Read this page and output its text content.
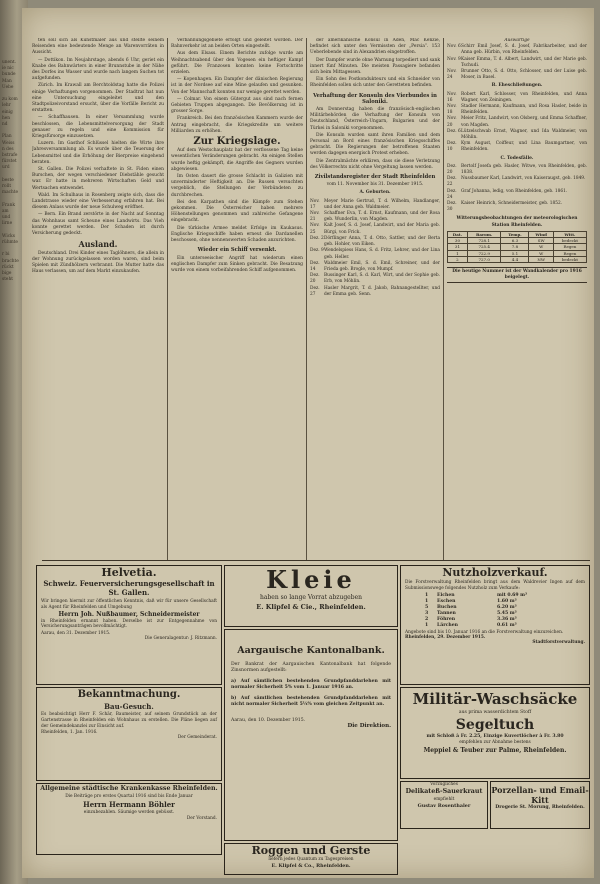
unent.
ie nic
bunde
Man
Uebe

zu kom
lehr
einig
hen
nd

Plan
Weiss
n des
bstrafe
fürstet
urd

beste
rollt
machte

Frank
am
und
lirne

Wicks
rühmte

r bi
brachte
rückt
bige
steht

ten soll sich als Kunstmaler aus und stellte seinem Reisenden eine bedeutende Menge an Warenvorräten in Aussicht.

— Dottikon. Im Neujahrstage, abends 6 Uhr, geriet ein Knabe des Bahnwärters in einer Brunnstube in der Nähe des Dorfes ins Wasser und wurde nach langem Suchen tot aufgefunden.

Zürich. Im Krawall am Berchtoldstag hatte die Polizei einige Verhaftungen vorgenommen. Der Stadtrat hat nun eine Untersuchung eingeleitet und den Stadtpolizeivorstand ersucht, über die Vorfälle Bericht zu erstatten.

— Schaffhausen. In einer Versammlung wurde beschlossen, die Lebensmittelversorgung der Stadt genauer zu regeln und eine Kommission für Kriegsfürsorge einzusetzen.

Luzern. Im Gasthof Schlüssel hielten die Wirte ihre Jahresversammlung ab. Es wurde über die Teuerung der Lebensmittel und die Erhöhung der Bierpreise eingehend beraten.

St. Gallen. Die Polizei verhaftete in St. Fiden einen Burschen, der wegen verschiedener Diebstähle gesucht war. Er hatte in mehreren Wirtschaften Geld und Wertsachen entwendet.

Wald. Im Schulhaus in Rosenberg zeigte sich, dass die Landstrasse wieder eine Verbesserung erfahren hat. Bei diesem Anlass wurde der neue Schulweg eröffnet.

— Bern. Ein Brand zerstörte in der Nacht auf Sonntag das Wohnhaus samt Scheune eines Landwirts. Das Vieh konnte gerettet werden. Der Schaden ist durch Versicherung gedeckt.

Ausland.

Deutschland. Drei Kinder eines Taglöhners, die allein in der Wohnung zurückgelassen worden waren, sind beim Spielen mit Zündhölzern verbrannt. Die Mutter hatte das Haus verlassen, um auf dem Markt einzukaufen.

Verbannungsgebiete erfolgt und geleitet worden. Der Bahnverkehr ist an beiden Orten eingestellt.

Aus dem Elsass. Einem Berichte zufolge wurde am Weihnachtsabend über den Vogesen ein heftiger Kampf geführt. Die Franzosen konnten keine Fortschritte erzielen.

— Kopenhagen. Ein Dampfer der dänischen Regierung ist in der Nordsee auf eine Mine gelaufen und gesunken. Von der Mannschaft konnten nur wenige gerettet werden.

— Colmar. Von einem Gütergut aus sind nach fernen Gebieten Truppen abgegangen. Die Bevölkerung ist in grosser Sorge.

Frankreich. Bei den französischen Kammern wurde der Antrag eingebracht, die Kriegskredite um weitere Milliarden zu erhöhen.

Zur Kriegslage.

Auf dem Westschauplatz hat der verflossene Tag keine wesentlichen Veränderungen gebracht. An einigen Stellen wurde heftig gekämpft, die Angriffe des Gegners wurden abgewiesen.

Im Osten dauert die grosse Schlacht in Galizien mit unverminderter Heftigkeit an. Die Russen versuchten vergeblich, die Stellungen der Verbündeten zu durchbrechen.

Bei den Karpathen sind die Kämpfe zum Stehen gekommen. Die Österreicher haben mehrere Höhenstellungen genommen und zahlreiche Gefangene eingebracht.

Die türkische Armee meldet Erfolge im Kaukasus. Englische Kriegsschiffe haben erneut die Dardanellen beschossen, ohne nennenswerten Schaden anzurichten.

Wieder ein Schiff versenkt.

Ein unterseeischer Angriff hat wiederum einen englischen Dampfer zum Sinken gebracht. Die Besatzung wurde von einem vorbeifahrenden Schiff aufgenommen.

der amerikanische Konsul in Aden, Mac Kenzie, befindet sich unter den Vermissten der „Persia“. 153 Ueberlebende sind in Alexandrien eingetroffen.

Der Dampfer wurde ohne Warnung torpediert und sank innert fünf Minuten. Die meisten Passagiere befanden sich beim Mittagessen.

Ein Sohn des Postkondukteurs und ein Schneider von Rheinfelden sollen sich unter den Geretteten befinden.

Verhaftung der Konsuln des Vierbundes in Saloniki.

Am Donnerstag haben die französisch-englischen Militärbehörden die Verhaftung der Konsuln von Deutschland, Österreich-Ungarn, Bulgarien und der Türkei in Saloniki vorgenommen.

Die Konsuln wurden samt ihren Familien und dem Personal an Bord eines französischen Kriegsschiffes gebracht. Die Regierungen der betroffenen Staaten werden dagegen energisch Protest erheben.

Die Zentralmächte erklären, dass sie diese Verletzung des Völkerrechts nicht ohne Vergeltung lassen werden.

Zivilstandsregister der Stadt Rheinfelden
vom 11. November bis 31. Dezember 1915.
A. Geburten.
Nov. 17
Meyer Marie Gertrud, T. d. Wilhelm, Handlanger, und der Anna geb. Waldmeier.
Nov. 21
Schaffner Eva, T. d. Ernst, Kaufmann, und der Rosa geb. Wunderlin, von Magden.
Nov. 25
Kalt Josef, S. d. Josef, Landwirt, und der Maria geb. Bürgi, von Frick.
Dez. 2 Dörflinger Anna, T. d. Otto, Sattler, und der Berta geb. Hohler, von Eiken.
Dez. 9 Wendelspiess Hans, S. d. Fritz, Lehrer, und der Lina geb. Heller.
Dez. 14
Waldmeier Emil, S. d. Emil, Schreiner, und der Frieda geb. Brogle, von Mumpf.
Dez. 20
Bussinger Karl, S. d. Karl, Wirt, und der Sophie geb. Erb, von Möhlin.
Dez. 27
Hasler Margrit, T. d. Jakob, Bahnangestellter, und der Emma geb. Senn.
Auswärtige
Nov. 6 Schirr Emil Josef, S. d. Josef, Fabrikarbeiter, und der Anna geb. Hürbin, von Rheinfelden.
Nov. 9 Kaiser Emma, T. d. Albert, Landwirt, und der Marie geb. Tschudi.
Nov. 24
Brunner Otto, S. d. Otto, Schlosser, und der Luise geb. Moser, in Basel.
B. Eheschließungen.
Nov. 16
Robert Karl, Schlosser, von Rheinfelden, und Anna Wagner, von Zeiningen.
Nov. 18
Stadler Hermann, Kaufmann, und Rosa Hasler, beide in Rheinfelden.
Nov. 20
Meier Fritz, Landwirt, von Olsberg, und Emma Schaffner, von Magden.
Dez. 6 Lützelschwab Ernst, Wagner, und Ida Waldmeier, von Möhlin.
Dez. 10
Kym August, Coiffeur, und Lina Baumgartner, von Rheinfelden.
C. Todesfälle.
Dez. 20
Bertolf Josefa geb. Hasler, Witwe, von Rheinfelden, geb. 1838.
Dez. 22
Nussbaumer Karl, Landwirt, von Kaiseraugst, geb. 1849.
Dez. 24
Graf Johanna, ledig, von Rheinfelden, geb. 1861.
Dez. 30
Kaiser Heinrich, Schneidermeister, geb. 1852.
Witterungsbeobachtungen der meteorologischen Station Rheinfelden.
Dat.	Barom.	Temp.	Wind	Witt.
30	728.1	6.3	SW	bedeckt
31	725.4	7.8	W	Regen
1	722.9	5.1	W	Regen
2	727.0	4.4	NW	bedeckt
Die heutige Nummer ist der Wandkalender pro 1916 beigelegt.
Helvetia.
Schweiz. Feuerversicherungsgesellschaft in St. Gallen.
Wir bringen hiermit zur öffentlichen Kenntnis, daß wir für unsere Gesellschaft als Agent für Rheinfelden und Umgebung
Herrn Joh. Nußbaumer, Schneidermeister
in Rheinfelden ernannt haben. Derselbe ist zur Entgegennahme von Versicherungsanträgen bevollmächtigt.
Aarau, den 31. Dezember 1915.
Die Generalagentur: J. Ritzmann.
Bekanntmachung.
Bau-Gesuch.
Es beabsichtigt Herr F. Schär, Baumeister, auf seinem Grundstück an der Gartenstrasse in Rheinfelden ein Wohnhaus zu erstellen. Die Pläne liegen auf der Gemeindekanzlei zur Einsicht auf.
Rheinfelden, 1. Jan. 1916.
Der Gemeinderat.
Allgemeine städtische Krankenkasse Rheinfelden.
Die Beiträge pro erstes Quartal 1916 sind bis Ende Januar
Herrn Hermann Böhler
einzubezahlen. Säumige werden gebüsst.
Der Vorstand.
Kleie
haben so lange Vorrat abzugeben
E. Klipfel & Cie., Rheinfelden.
Aargauische Kantonalbank.
Der Bankrat der Aargauischen Kantonalbank hat folgende Zinsnormen aufgestellt:
a) Auf sämtlichen bestehenden Grundpfanddarlehen mit normaler Sicherheit 5% vom 1. Januar 1916 an.
b) Auf sämtlichen bestehenden Grundpfanddarlehen mit nicht normaler Sicherheit 5¼% vom gleichen Zeitpunkt an.
Aarau, den 10. Dezember 1915.
Die Direktion.
Roggen und Gerste
liefern jedes Quantum zu Tagespreisen
E. Klipfel & Co., Rheinfelden.
Nutzholzverkauf.
Die Forstverwaltung Rheinfelden bringt aus dem Waldrevier Ingen auf dem Submissionswege folgendes Nutzholz zum Verkaufe:
1	Eichen	mit 0.69 m³
1	Eschen	1.60 m³
5	Buchen	6.20 m³
3	Tannen	5.45 m³
2	Föhren	3.36 m³
1	Lärchen	0.61 m³
Angebote sind bis 10. Januar 1916 an die Forstverwaltung einzureichen.
Rheinfelden, 29. Dezember 1915.
Stadtforstverwaltung.
Militär-Waschsäcke
aus prima wasserdichtem Stoff
Segeltuch
mit Schloß à Fr. 2.25, Einzige Kuvertlöcher à Fr. 3.80
empfehlen zur Abnahme bestens
Meppiel & Teuber zur Palme, Rheinfelden.
Vorzügliches
Delikateß-Sauerkraut
empfiehlt
Gustav Rosenthaler
Porzellan- und Email-Kitt
Drogerie St. Morung, Rheinfelden.
